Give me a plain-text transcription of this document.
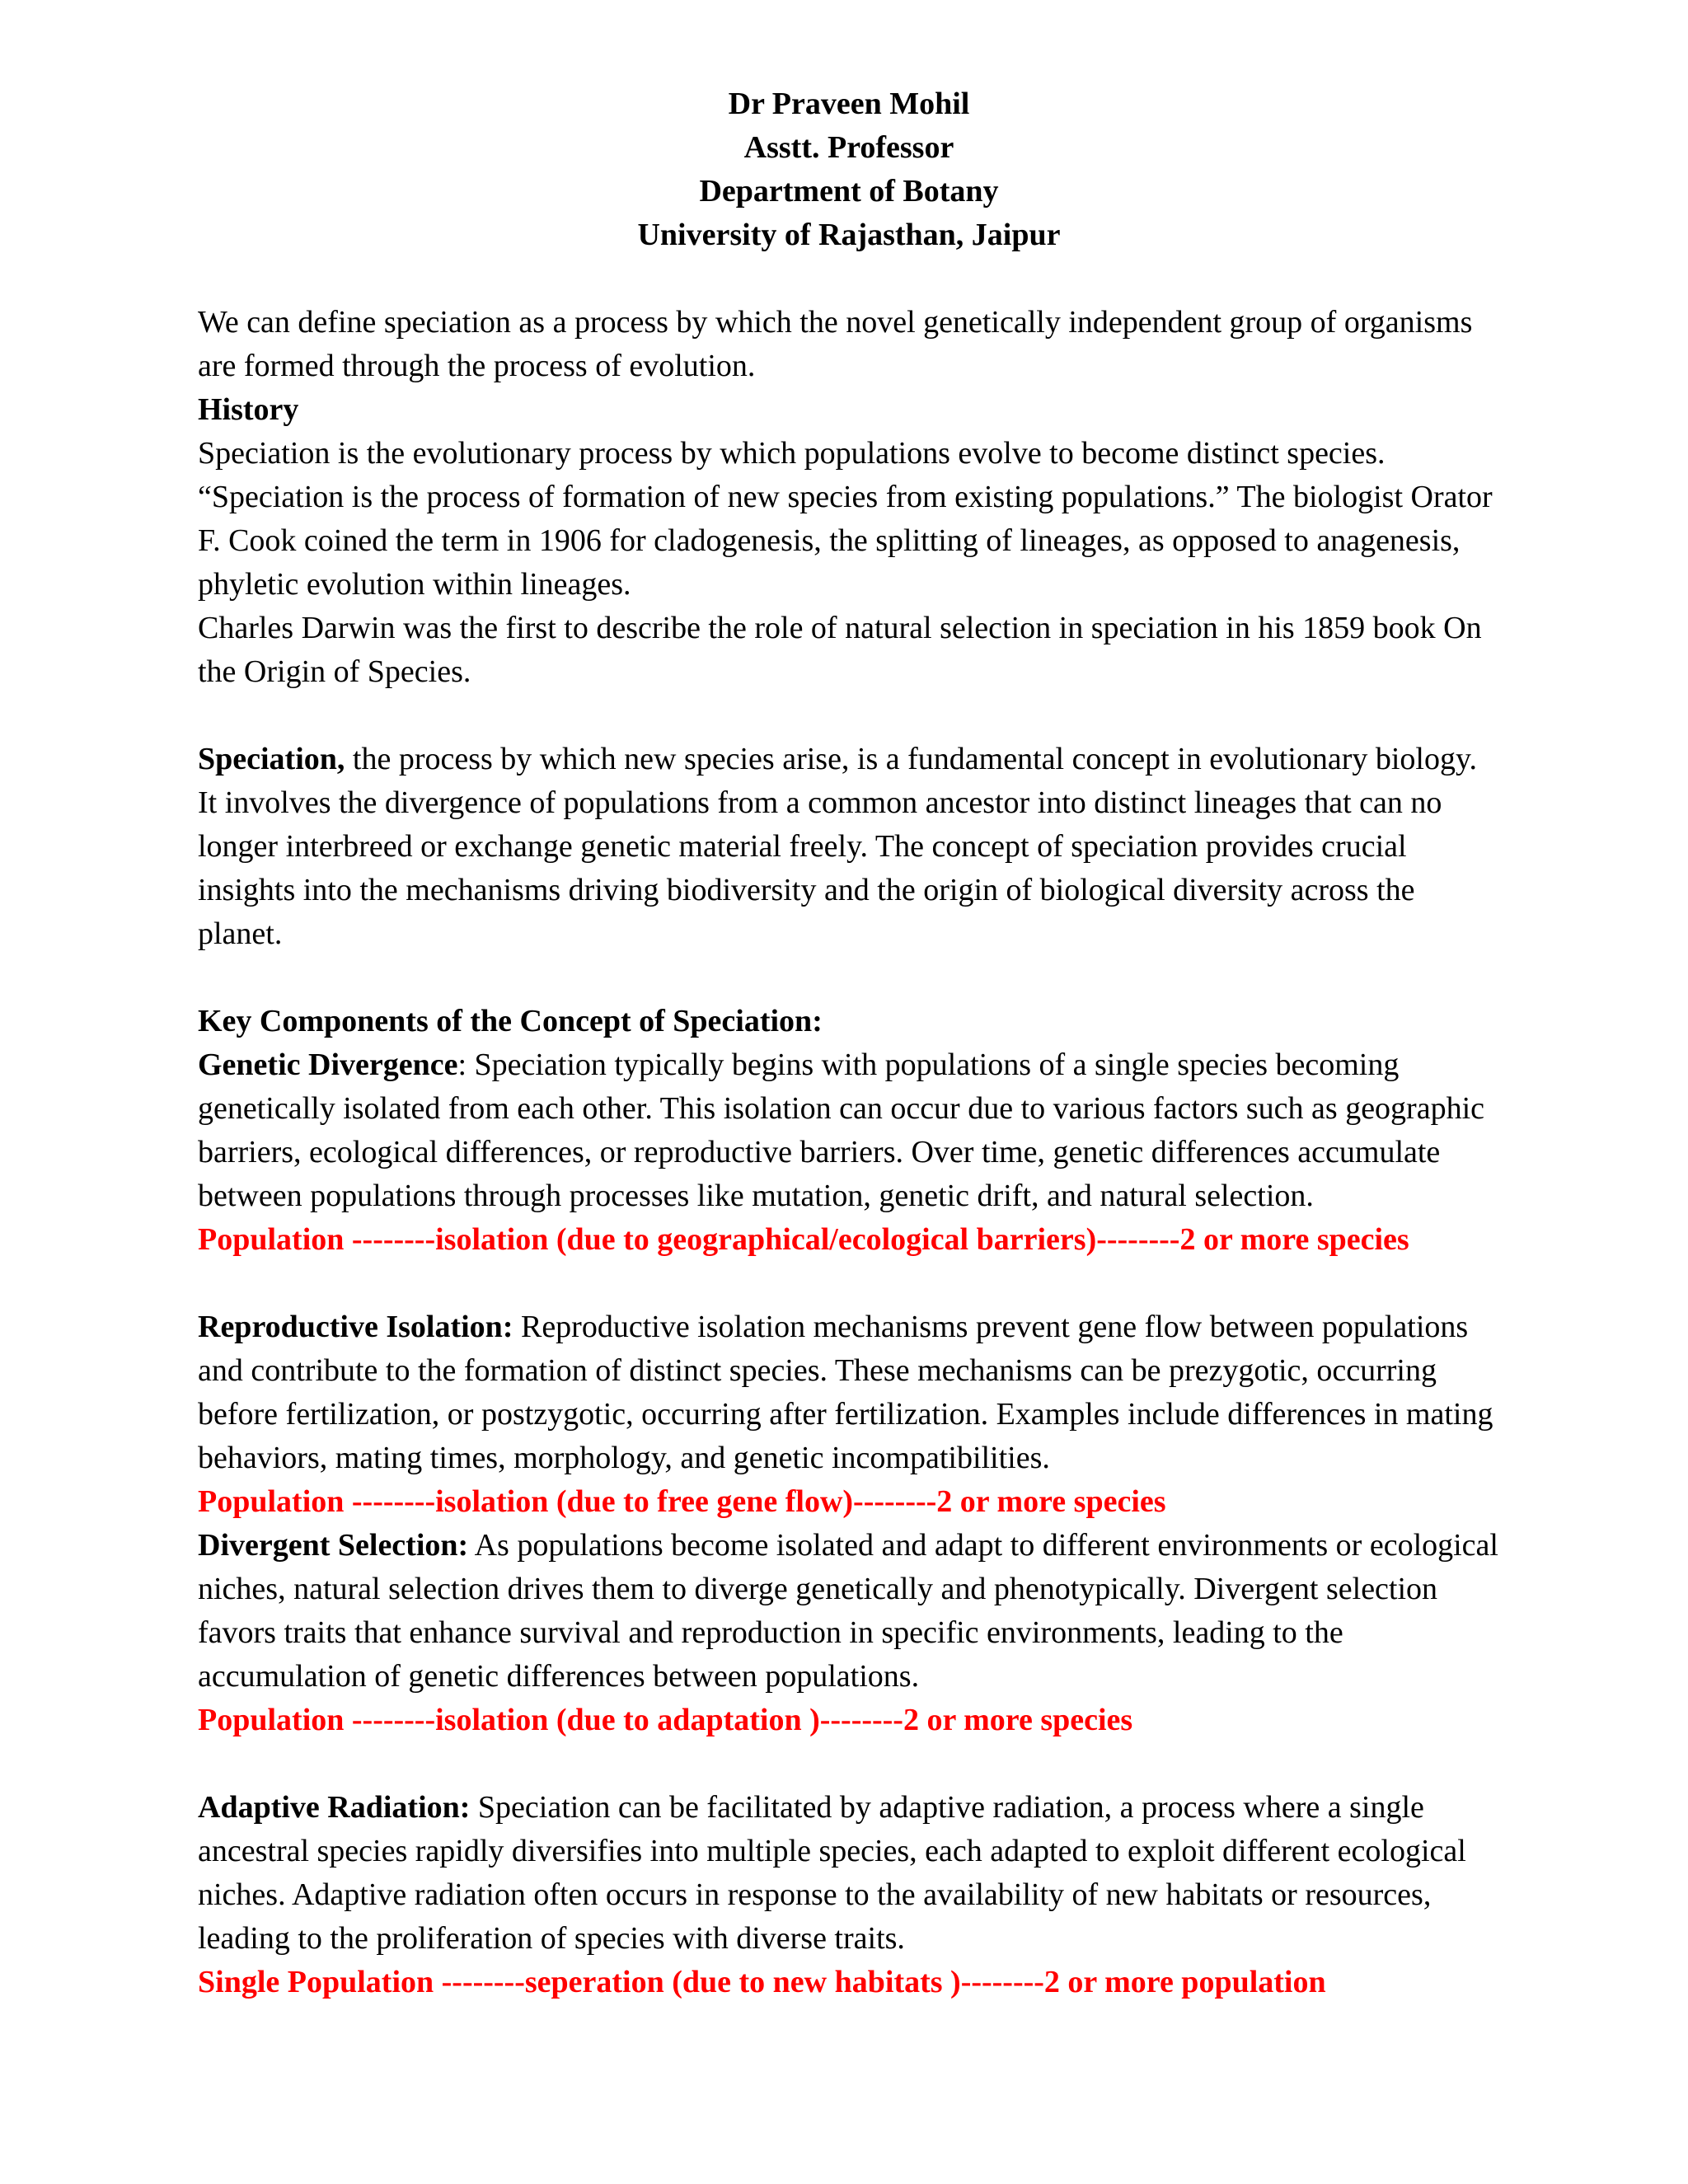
Dr Praveen Mohil
Asstt. Professor
Department of Botany
University of Rajasthan, Jaipur

We can define speciation as a process by which the novel genetically independent group of organisms are formed through the process of evolution.

History

Speciation is the evolutionary process by which populations evolve to become distinct species. “Speciation is the process of formation of new species from existing populations.” The biologist Orator F. Cook coined the term in 1906 for cladogenesis, the splitting of lineages, as opposed to anagenesis, phyletic evolution within lineages.

Charles Darwin was the first to describe the role of natural selection in speciation in his 1859 book On the Origin of Species.

Speciation, the process by which new species arise, is a fundamental concept in evolutionary biology. It involves the divergence of populations from a common ancestor into distinct lineages that can no longer interbreed or exchange genetic material freely. The concept of speciation provides crucial insights into the mechanisms driving biodiversity and the origin of biological diversity across the planet.

Key Components of the Concept of Speciation:

Genetic Divergence: Speciation typically begins with populations of a single species becoming genetically isolated from each other. This isolation can occur due to various factors such as geographic barriers, ecological differences, or reproductive barriers. Over time, genetic differences accumulate between populations through processes like mutation, genetic drift, and natural selection.

Population --------isolation (due to geographical/ecological barriers)--------2 or more species

Reproductive Isolation: Reproductive isolation mechanisms prevent gene flow between populations and contribute to the formation of distinct species. These mechanisms can be prezygotic, occurring before fertilization, or postzygotic, occurring after fertilization. Examples include differences in mating behaviors, mating times, morphology, and genetic incompatibilities.

Population --------isolation (due to free gene flow)--------2 or more species

Divergent Selection: As populations become isolated and adapt to different environments or ecological niches, natural selection drives them to diverge genetically and phenotypically. Divergent selection favors traits that enhance survival and reproduction in specific environments, leading to the accumulation of genetic differences between populations.

Population --------isolation (due to adaptation )--------2 or more species

Adaptive Radiation: Speciation can be facilitated by adaptive radiation, a process where a single ancestral species rapidly diversifies into multiple species, each adapted to exploit different ecological niches. Adaptive radiation often occurs in response to the availability of new habitats or resources, leading to the proliferation of species with diverse traits.

Single Population --------seperation (due to new habitats )--------2 or more population
